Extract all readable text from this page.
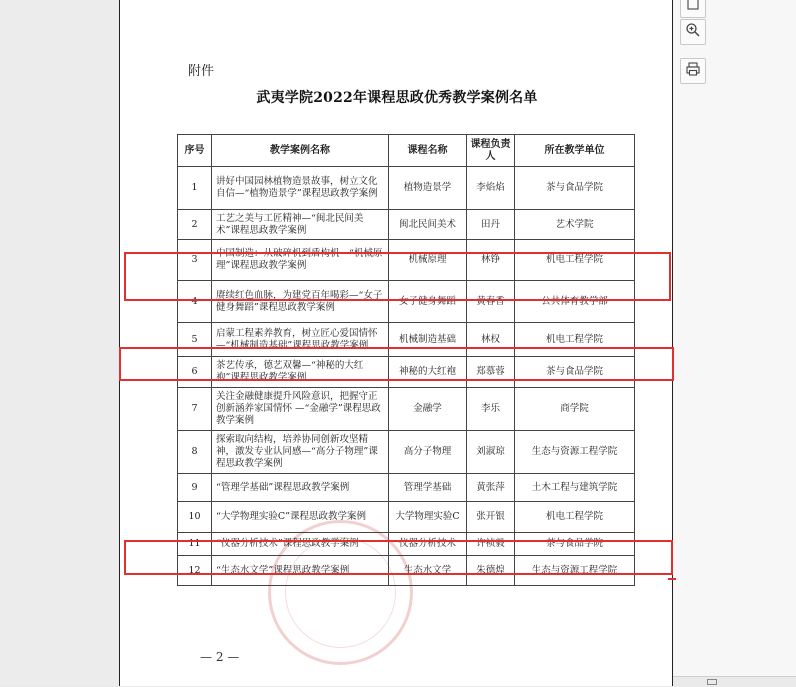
附件
武夷学院2022年课程思政优秀教学案例名单
序号	教学案例名称	课程名称	课程负责人	所在教学单位
1	讲好中国园林植物造景故事，树立文化自信—“植物造景学”课程思政教学案例	植物造景学	李焰焰	茶与食品学院
2	工艺之美与工匠精神—“闽北民间美术”课程思政教学案例	闽北民间美术	田丹	艺术学院
3	中国制造：从破碎机到盾构机—“机械原理”课程思政教学案例	机械原理	林铮	机电工程学院
4	赓续红色血脉，为建党百年喝彩—“女子健身舞蹈”课程思政教学案例	女子健身舞蹈	黄春香	公共体育教学部
5	启蒙工程素养教育，树立匠心爱国情怀—“机械制造基础”课程思政教学案例	机械制造基础	林权	机电工程学院
6	茶艺传承，德艺双馨—“神秘的大红袍”课程思政教学案例	神秘的大红袍	郑慕蓉	茶与食品学院
7	关注金融健康提升风险意识，把握守正创新涵养家国情怀 —“金融学”课程思政教学案例	金融学	李乐	商学院
8	探索取向结构，培养协同创新攻坚精神，激发专业认同感—“高分子物理”课程思政教学案例	高分子物理	刘淑琼	生态与资源工程学院
9	“管理学基础”课程思政教学案例	管理学基础	黄张萍	土木工程与建筑学院
10	“大学物理实验C”课程思政教学案例	大学物理实验C	张开银	机电工程学院
11	“仪器分析技术”课程思政教学案例	仪器分析技术	许祯毅	茶与食品学院
12	“生态水文学”课程思政教学案例	生态水文学	朱德煌	生态与资源工程学院
— 2 —
